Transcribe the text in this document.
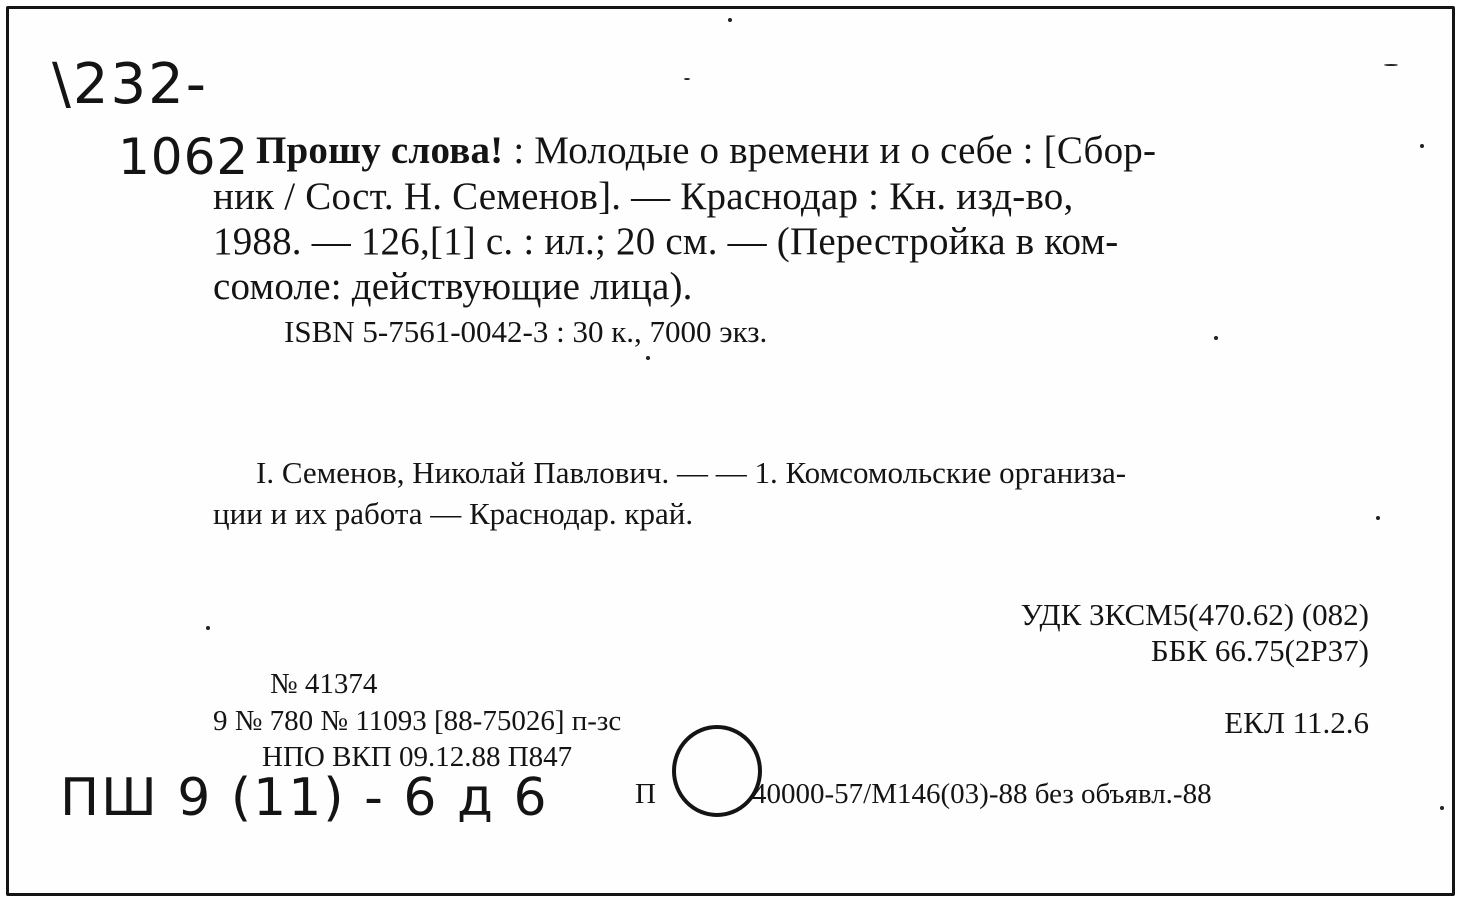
\232-
1062 Прошу слова! : Молодые о времени и о себе : [Сбор-
ник / Сост. Н. Семенов]. — Краснодар : Кн. изд-во,
1988. — 126,[1] с. : ил.; 20 см. — (Перестройка в ком-
сомоле: действующие лица).
ISBN 5-7561-0042-3 : 30 к., 7000 экз.
I. Семенов, Николай Павлович. — — 1. Комсомольские организа-
ции и их работа — Краснодар. край.
УДК 3КСМ5(470.62) (082)
ББК 66.75(2Р37)
ЕКЛ 11.2.6
№ 41374
9 № 780 № 11093 [88-75026] п-зс
НПО ВКП 09.12.88 П847
П	40000-57/М146(03)-88 без объявл.-88
ПШ 9 (11) - 6 д 6
